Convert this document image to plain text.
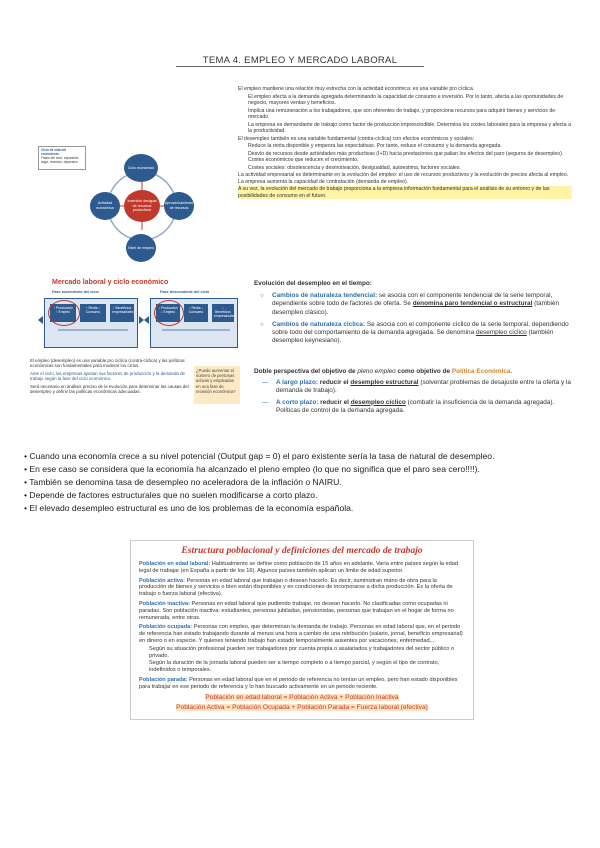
TEMA 4. EMPLEO Y MERCADO LABORAL
Ciclo de vida del crecimiento
Fases del ciclo: expansión, auge, recesión, depresión
Ciclo económico
Actividad económica
Inversión desigual de recursos productivos
Aprovechamiento de recursos
Nivel de empleo

El empleo mantiene una relación muy estrecha con la actividad económica: es una variable pro cíclica.

El empleo afecta a la demanda agregada determinando la capacidad de consumo e inversión. Por lo tanto, afecta a las oportunidades de negocio, mayores ventas y beneficios.

Implica una remuneración a los trabajadores, que son oferentes de trabajo, y proporciona recursos para adquirir bienes y servicios de mercado.

La empresa es demandante de trabajo como factor de producción imprescindible. Determina los costes laborales para la empresa y afecta a la productividad.

El desempleo también es una variable fundamental (contra-cíclica) con efectos económicos y sociales:

Reduce la renta disponible y empeora las expectativas. Por tanto, reduce el consumo y la demanda agregada.

Desvío de recursos desde actividades más productivas (I+D) hacia prestaciones que palian los efectos del paro (seguros de desempleo). Costes económicos que reducen el crecimiento.

Costes sociales: obsolescencia y desmotivación, desigualdad, autoestima, factores sociales.

La actividad empresarial es determinante en la evolución del empleo: el uso de recursos productivos y la evolución de precios afecta al empleo. La empresa aumenta la capacidad de contratación (demanda de empleo).

A su vez, la evolución del mercado de trabajo proporciona a la empresa información fundamental para el análisis de su entorno y de las posibilidades de consumo en el futuro.

Mercado laboral y ciclo económico
Fase ascendente del ciclo	Fase descendente del ciclo
↑ Producción ↑ Empleo
↑ Renta ↑ Consumo
↑ Beneficios empresariales
↓ Producción ↓ Empleo
↓ Renta ↓ Consumo
↓ Beneficios empresariales

El empleo (desempleo) es una variable pro cíclica (contra-cíclica) y las políticas económicas son fundamentales para moderar los ciclos.

Ante el ciclo, las empresas ajustan sus factores de producción y la demanda de trabajo según la fase del ciclo económico.

Será necesario un análisis preciso de la evolución para determinar las causas del desempleo y definir las políticas económicas adecuadas.

¿Puede aumentar el número de personas activas y empleadas en una fase de recesión económica?
Evolución del desempleo en el tiempo:
○ Cambios de naturaleza tendencial: se asocia con el componente tendencial de la serie temporal, dependiente sobre todo de factores de oferta. Se denomina paro tendencial o estructural (también desempleo clásico).
○ Cambios de naturaleza cíclica: Se asocia con el componente cíclico de la serie temporal, dependiendo sobre todo del comportamiento de la demanda agregada. Se denomina desempleo cíclico (también desempleo keynesiano).
Doble perspectiva del objetivo de pleno empleo como objetivo de Política Económica.
— A largo plazo: reducir el desempleo estructural (solventar problemas de desajuste entre la oferta y la demanda de trabajo).
— A corto plazo: reducir el desempleo cíclico (combatir la insuficiencia de la demanda agregada). Políticas de control de la demanda agregada.

• Cuando una economía crece a su nivel potencial (Output gap = 0) el paro existente sería la tasa de natural de desempleo.

• En ese caso se considera que la economía ha alcanzado el pleno empleo (lo que no significa que el paro sea cero!!!!).

• También se denomina tasa de desempleo no aceleradora de la inflación o NAIRU.

• Depende de factores estructurales que no suelen modificarse a corto plazo.

• El elevado desempleo estructural es uno de los problemas de la economía española.

Estructura poblacional y definiciones del mercado de trabajo

Población en edad laboral: Habitualmente se define como población de 15 años en adelante. Varía entre países según la edad legal de trabajar (en España a partir de los 16). Algunos países también aplican un límite de edad superior.

Población activa: Personas en edad laboral que trabajan o desean hacerlo. Es decir, suministran mano de obra para la producción de bienes y servicios o bien están disponibles y en condiciones de incorporarse a dicha producción. Es la oferta de trabajo o fuerza laboral (efectiva).

Población inactiva: Personas en edad laboral que pudiendo trabajar, no desean hacerlo. No clasificadas como ocupadas ni paradas. Son población inactiva: estudiantes, personas jubiladas, pensionistas, personas que trabajan en el hogar de forma no remunerada, entre otras.

Población ocupada: Personas con empleo, que determinan la demanda de trabajo. Personas en edad laboral que, en el periodo de referencia han estado trabajando durante al menos una hora a cambio de una retribución (salario, jornal, beneficio empresarial) en dinero o en especie. Y quienes teniendo trabajo han estado temporalmente ausentes por vacaciones, enfermedad,...

Según su situación profesional pueden ser trabajadores por cuenta propia o asalariados y trabajadores del sector público o privado.

Según la duración de la jornada laboral pueden ser a tiempo completo o a tiempo parcial, y según el tipo de contrato, indefinidos o temporales.

Población parada: Personas en edad laboral que en el periodo de referencia no tenían un empleo, pero han estado disponibles para trabajar en ese periodo de referencia y lo han buscado activamente en un periodo reciente.

Población en edad laboral = Población Activa + Población Inactiva
Población Activa = Población Ocupada + Población Parada = Fuerza laboral (efectiva)
